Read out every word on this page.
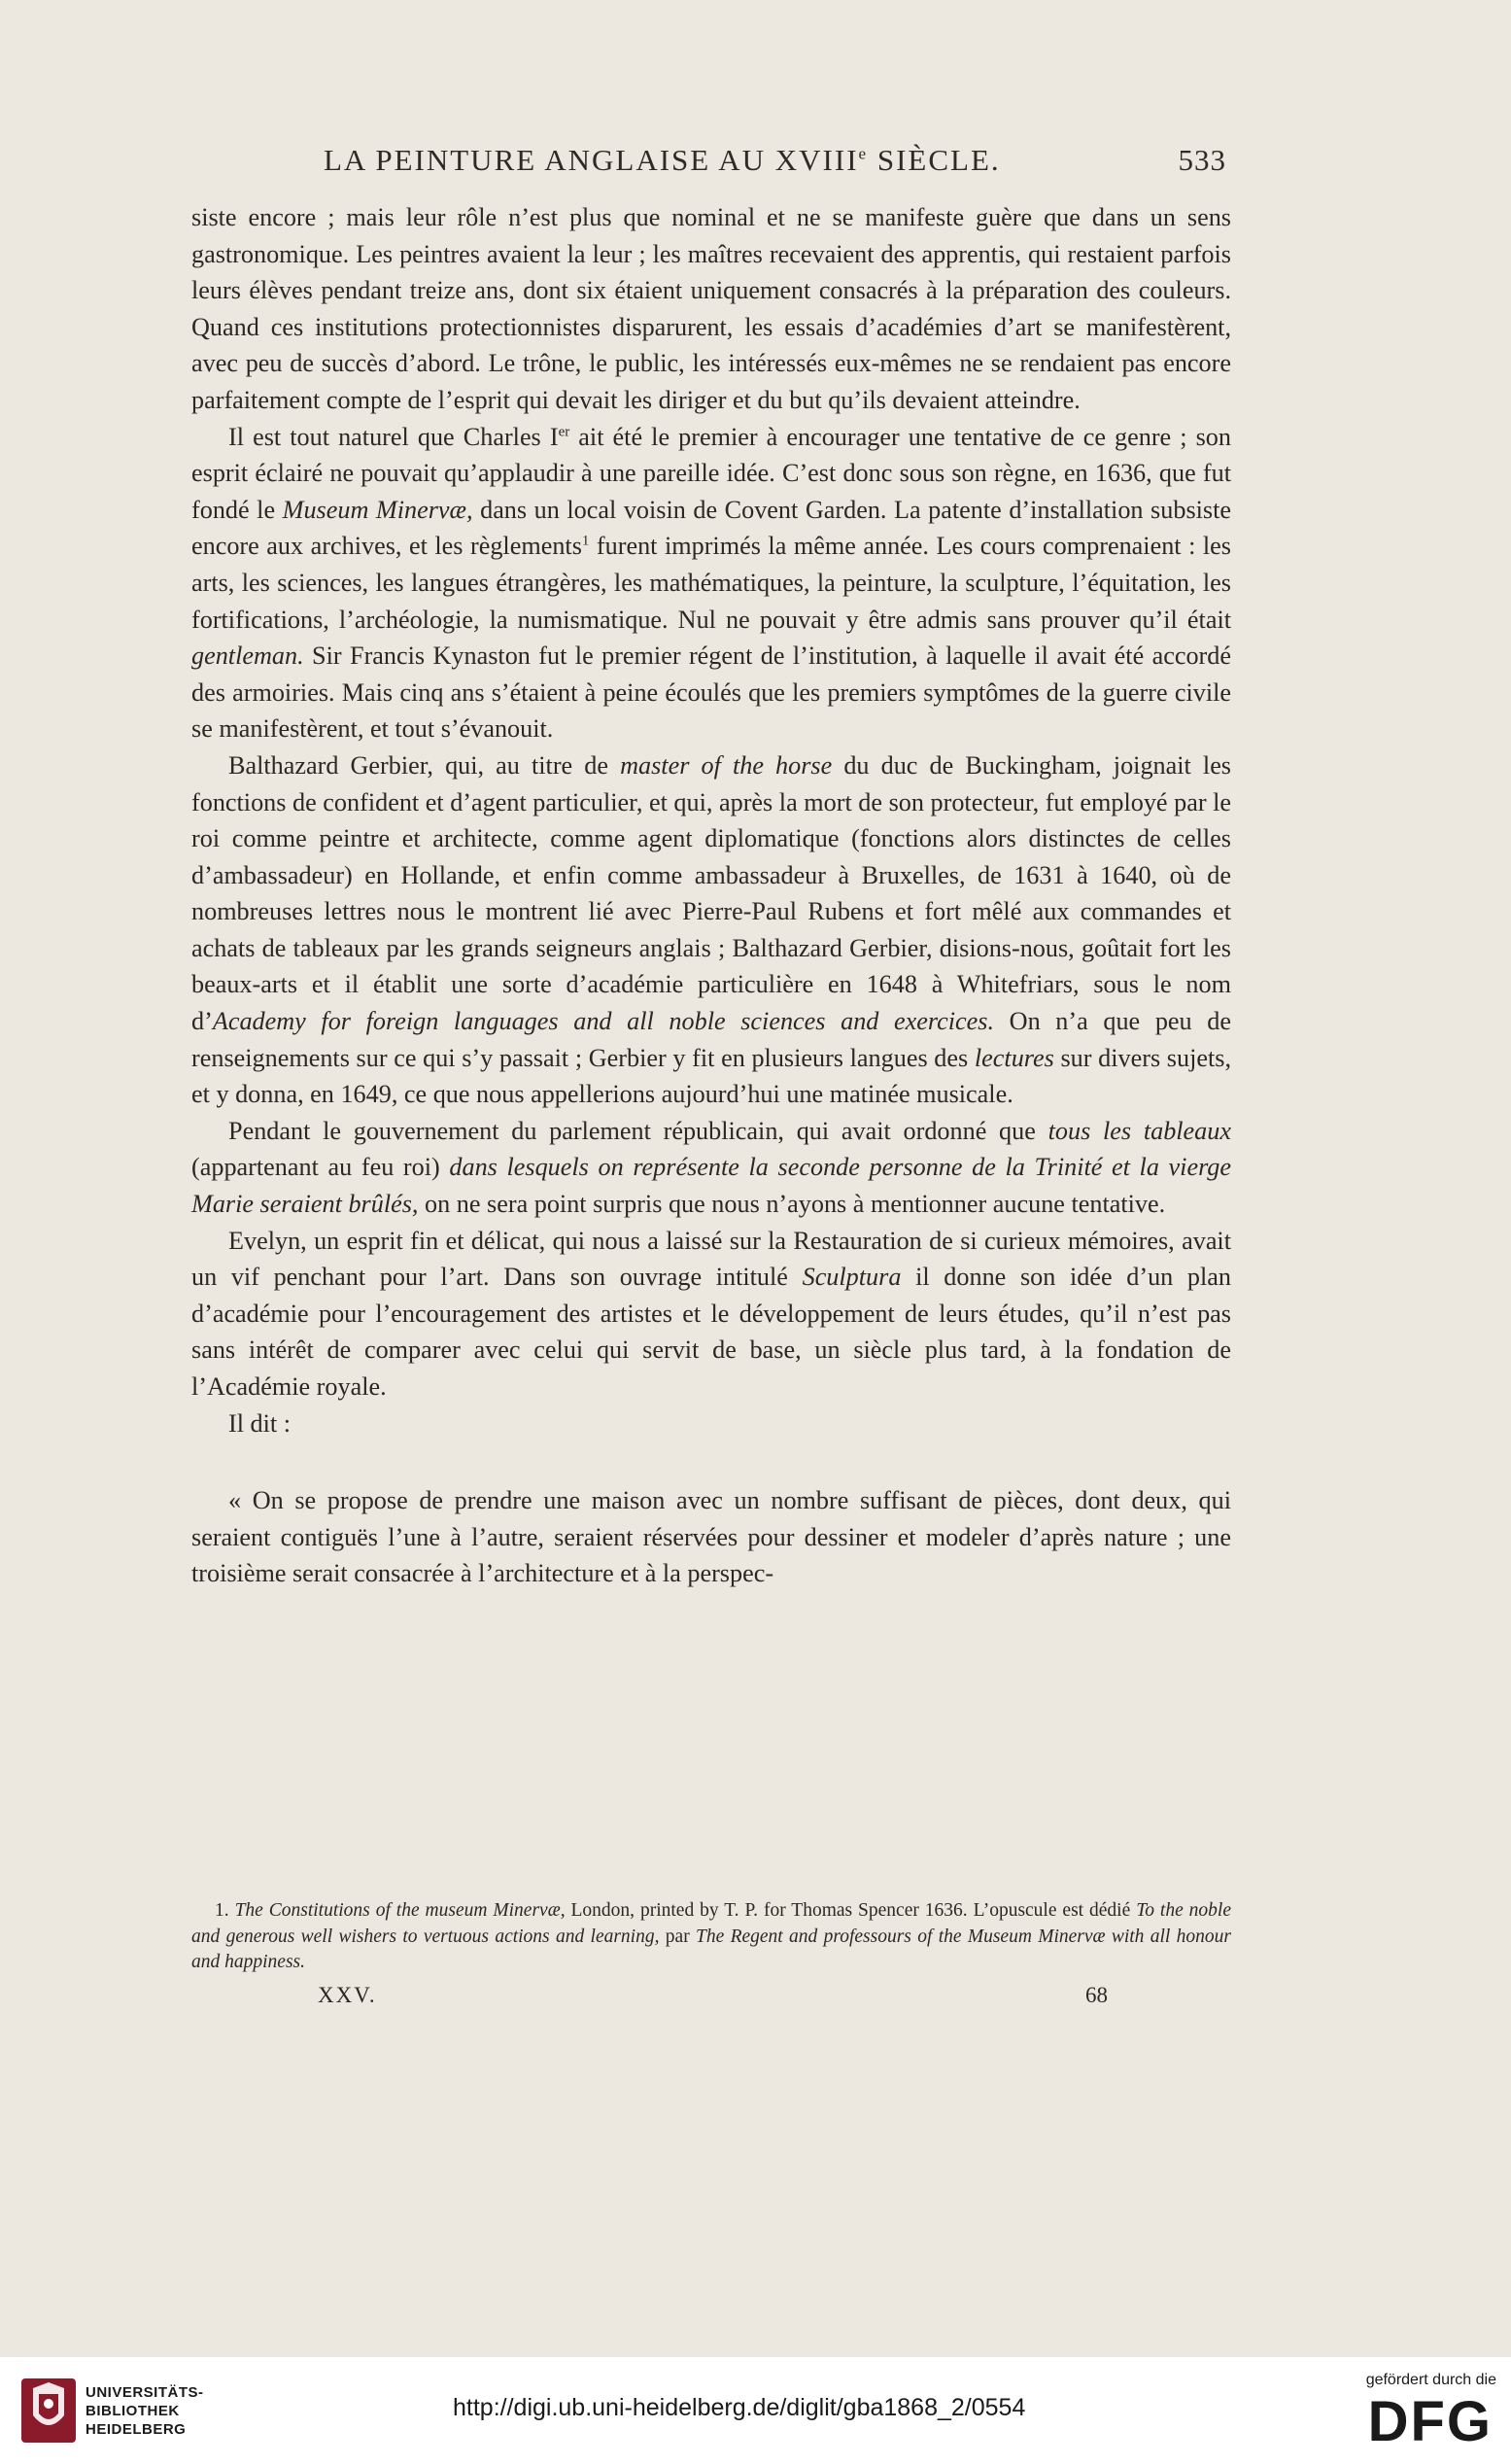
LA PEINTURE ANGLAISE AU XVIIIe SIÈCLE.	533

siste encore ; mais leur rôle n’est plus que nominal et ne se manifeste guère que dans un sens gastronomique. Les peintres avaient la leur ; les maîtres recevaient des apprentis, qui restaient parfois leurs élèves pendant treize ans, dont six étaient uniquement consacrés à la préparation des couleurs. Quand ces institutions protectionnistes disparurent, les essais d’académies d’art se manifestèrent, avec peu de succès d’abord. Le trône, le public, les intéressés eux-mêmes ne se rendaient pas encore parfaitement compte de l’esprit qui devait les diriger et du but qu’ils devaient atteindre.

Il est tout naturel que Charles Ier ait été le premier à encourager une tentative de ce genre ; son esprit éclairé ne pouvait qu’applaudir à une pareille idée. C’est donc sous son règne, en 1636, que fut fondé le Museum Minervæ, dans un local voisin de Covent Garden. La patente d’installation subsiste encore aux archives, et les règlements$^1$ furent imprimés la même année. Les cours comprenaient : les arts, les sciences, les langues étrangères, les mathématiques, la peinture, la sculpture, l’équitation, les fortifications, l’archéologie, la numismatique. Nul ne pouvait y être admis sans prouver qu’il était gentleman. Sir Francis Kynaston fut le premier régent de l’institution, à laquelle il avait été accordé des armoiries. Mais cinq ans s’étaient à peine écoulés que les premiers symptômes de la guerre civile se manifestèrent, et tout s’évanouit.

Balthazard Gerbier, qui, au titre de master of the horse du duc de Buckingham, joignait les fonctions de confident et d’agent particulier, et qui, après la mort de son protecteur, fut employé par le roi comme peintre et architecte, comme agent diplomatique (fonctions alors distinctes de celles d’ambassadeur) en Hollande, et enfin comme ambassadeur à Bruxelles, de 1631 à 1640, où de nombreuses lettres nous le montrent lié avec Pierre-Paul Rubens et fort mêlé aux commandes et achats de tableaux par les grands seigneurs anglais ; Balthazard Gerbier, disions-nous, goûtait fort les beaux-arts et il établit une sorte d’académie particulière en 1648 à Whitefriars, sous le nom d’Academy for foreign languages and all noble sciences and exercices. On n’a que peu de renseignements sur ce qui s’y passait ; Gerbier y fit en plusieurs langues des lectures sur divers sujets, et y donna, en 1649, ce que nous appellerions aujourd’hui une matinée musicale.

Pendant le gouvernement du parlement républicain, qui avait ordonné que tous les tableaux (appartenant au feu roi) dans lesquels on représente la seconde personne de la Trinité et la vierge Marie seraient brûlés, on ne sera point surpris que nous n’ayons à mentionner aucune tentative.

Evelyn, un esprit fin et délicat, qui nous a laissé sur la Restauration de si curieux mémoires, avait un vif penchant pour l’art. Dans son ouvrage intitulé Sculptura il donne son idée d’un plan d’académie pour l’encouragement des artistes et le développement de leurs études, qu’il n’est pas sans intérêt de comparer avec celui qui servit de base, un siècle plus tard, à la fondation de l’Académie royale.

Il dit :

« On se propose de prendre une maison avec un nombre suffisant de pièces, dont deux, qui seraient contiguës l’une à l’autre, seraient réservées pour dessiner et modeler d’après nature ; une troisième serait consacrée à l’architecture et à la perspec-

1. The Constitutions of the museum Minervæ, London, printed by T. P. for Thomas Spencer 1636. L’opuscule est dédié To the noble and generous well wishers to vertuous actions and learning, par The Regent and professours of the Museum Minervæ with all honour and happiness.

XXV.	68
UNIVERSITÄTS-
BIBLIOTHEK
HEIDELBERG
http://digi.ub.uni-heidelberg.de/diglit/gba1868_2/0554
gefördert durch die
DFG
